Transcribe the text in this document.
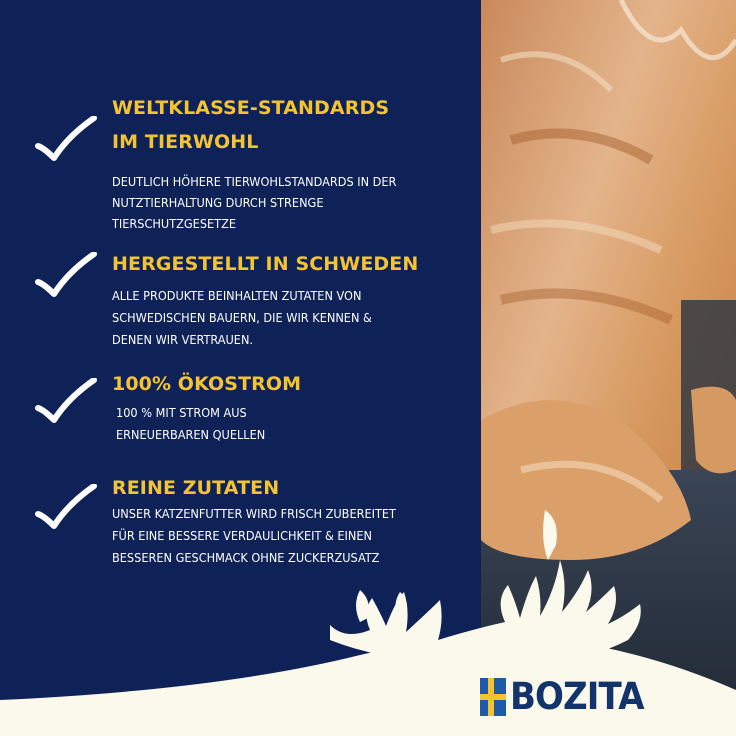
WELTKLASSE-STANDARDS
IM TIERWOHL
DEUTLICH HÖHERE TIERWOHLSTANDARDS IN DER
NUTZTIERHALTUNG DURCH STRENGE
TIERSCHUTZGESETZE
HERGESTELLT IN SCHWEDEN
ALLE PRODUKTE BEINHALTEN ZUTATEN VON
SCHWEDISCHEN BAUERN, DIE WIR KENNEN &
DENEN WIR VERTRAUEN.
100% ÖKOSTROM
100 % MIT STROM AUS
ERNEUERBAREN QUELLEN
REINE ZUTATEN
UNSER KATZENFUTTER WIRD FRISCH ZUBEREITET
FÜR EINE BESSERE VERDAULICHKEIT & EINEN
BESSEREN GESCHMACK OHNE ZUCKERZUSATZ
BOZITA
